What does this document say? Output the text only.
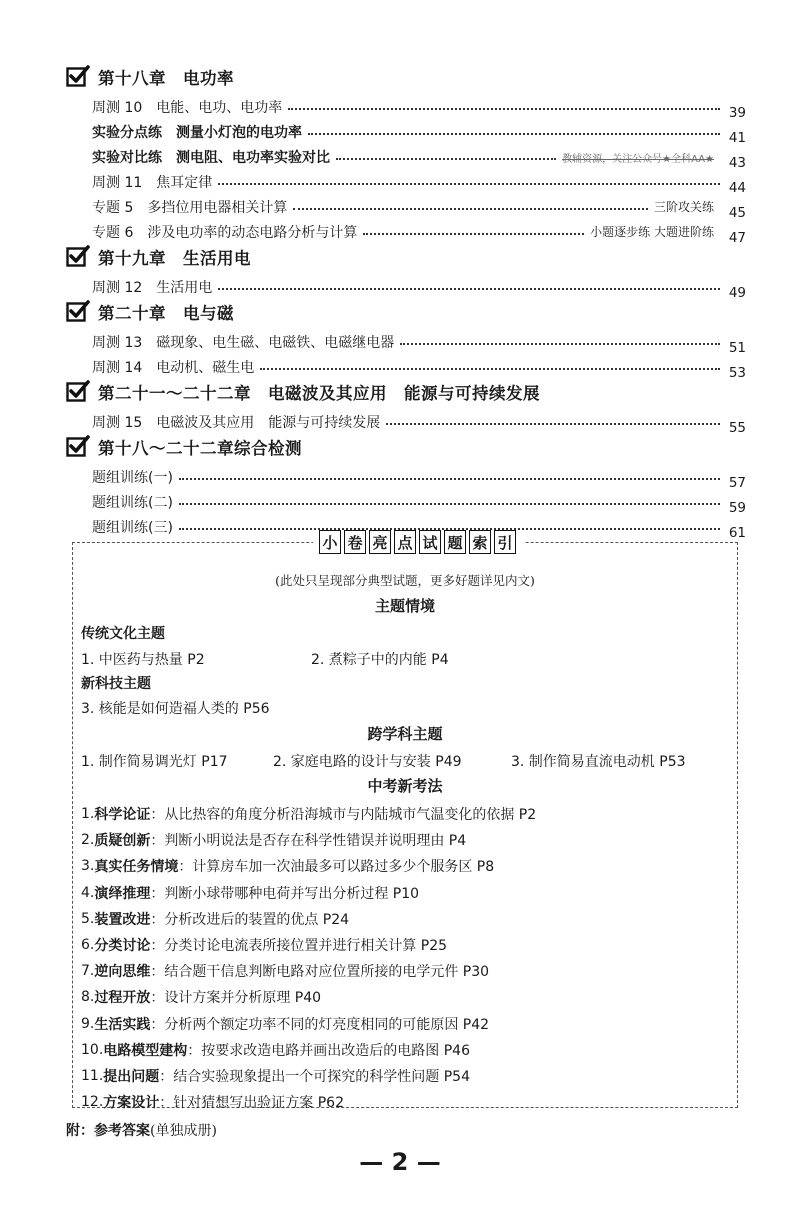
第十八章　电功率
周测 10　电能、电功、电功率	39
实验分点练　测量小灯泡的电功率	41
实验对比练　测电阻、电功率实验对比	教辅资源，关注公众号★全科AA★ 43
周测 11　焦耳定律	44
专题 5　多挡位用电器相关计算	三阶攻关练 45
专题 6　涉及电功率的动态电路分析与计算	小题逐步练 大题进阶练 47
第十九章　生活用电
周测 12　生活用电	49
第二十章　电与磁
周测 13　磁现象、电生磁、电磁铁、电磁继电器	51
周测 14　电动机、磁生电	53
第二十一～二十二章　电磁波及其应用　能源与可持续发展
周测 15　电磁波及其应用　能源与可持续发展	55
第十八～二十二章综合检测
题组训练(一)	57
题组训练(二)	59
题组训练(三)	61
小 卷 亮 点 试 题 索 引
(此处只呈现部分典型试题，更多好题详见内文)
主题情境
传统文化主题
1. 中医药与热量 P2	2. 煮粽子中的内能 P4
新科技主题
3. 核能是如何造福人类的 P56
跨学科主题
1. 制作简易调光灯 P17	2. 家庭电路的设计与安装 P49	3. 制作简易直流电动机 P53
中考新考法
1. 科学论证 ：从比热容的角度分析沿海城市与内陆城市气温变化的依据 P2
2. 质疑创新 ：判断小明说法是否存在科学性错误并说明理由 P4
3. 真实任务情境 ：计算房车加一次油最多可以路过多少个服务区 P8
4. 演绎推理 ：判断小球带哪种电荷并写出分析过程 P10
5. 装置改进 ：分析改进后的装置的优点 P24
6. 分类讨论 ：分类讨论电流表所接位置并进行相关计算 P25
7. 逆向思维 ：结合题干信息判断电路对应位置所接的电学元件 P30
8. 过程开放 ：设计方案并分析原理 P40
9. 生活实践 ：分析两个额定功率不同的灯亮度相同的可能原因 P42
10. 电路模型建构 ：按要求改造电路并画出改造后的电路图 P46
11. 提出问题 ：结合实验现象提出一个可探究的科学性问题 P54
12. 方案设计 ：针对猜想写出验证方案 P62
附：参考答案(单独成册)
— 2 —
